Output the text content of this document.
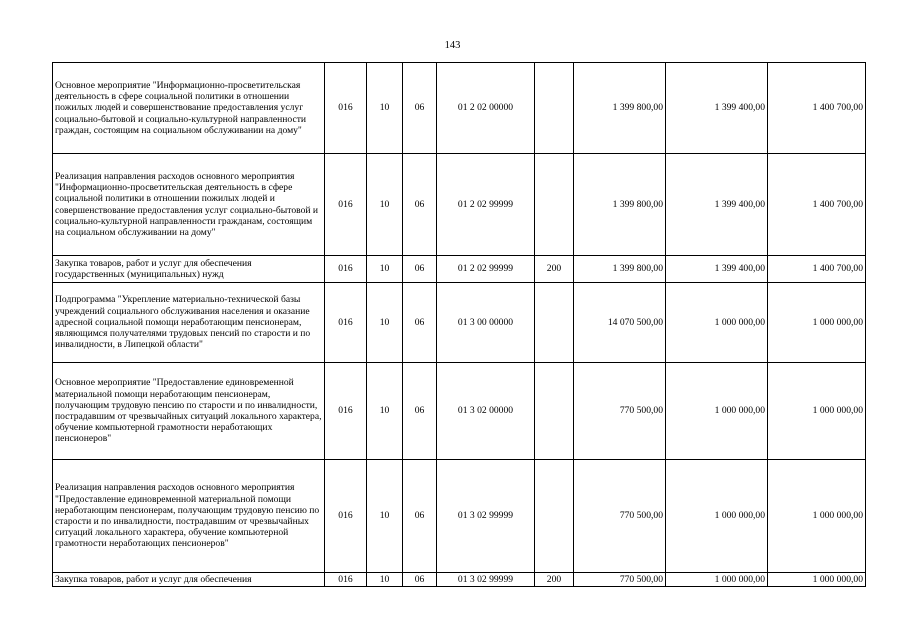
143
Основное мероприятие "Информационно-просветительская деятельность в сфере социальной политики в отношении пожилых людей и совершенствование предоставления услуг социально-бытовой и социально-культурной направленности граждан, состоящим на социальном обслуживании на дому"	016	10	06	01 2 02 00000		1 399 800,00	1 399 400,00	1 400 700,00
Реализация направления расходов основного мероприятия "Информационно-просветительская деятельность в сфере социальной политики в отношении пожилых людей и совершенствование предоставления услуг социально-бытовой и социально-культурной направленности гражданам, состоящим на социальном обслуживании на дому"	016	10	06	01 2 02 99999		1 399 800,00	1 399 400,00	1 400 700,00
Закупка товаров, работ и услуг для обеспечения государственных (муниципальных) нужд	016	10	06	01 2 02 99999	200	1 399 800,00	1 399 400,00	1 400 700,00
Подпрограмма "Укрепление материально-технической базы учреждений социального обслуживания населения и оказание адресной социальной помощи неработающим пенсионерам, являющимся получателями трудовых пенсий по старости и по инвалидности, в Липецкой области"	016	10	06	01 3 00 00000		14 070 500,00	1 000 000,00	1 000 000,00
Основное мероприятие "Предоставление единовременной материальной помощи неработающим пенсионерам, получающим трудовую пенсию по старости и по инвалидности, пострадавшим от чрезвычайных ситуаций локального характера, обучение компьютерной грамотности неработающих пенсионеров"	016	10	06	01 3 02 00000		770 500,00	1 000 000,00	1 000 000,00
Реализация направления расходов основного мероприятия "Предоставление единовременной материальной помощи неработающим пенсионерам, получающим трудовую пенсию по старости и по инвалидности, пострадавшим от чрезвычайных ситуаций локального характера, обучение компьютерной грамотности неработающих пенсионеров"	016	10	06	01 3 02 99999		770 500,00	1 000 000,00	1 000 000,00
Закупка товаров, работ и услуг для обеспечения	016	10	06	01 3 02 99999	200	770 500,00	1 000 000,00	1 000 000,00
